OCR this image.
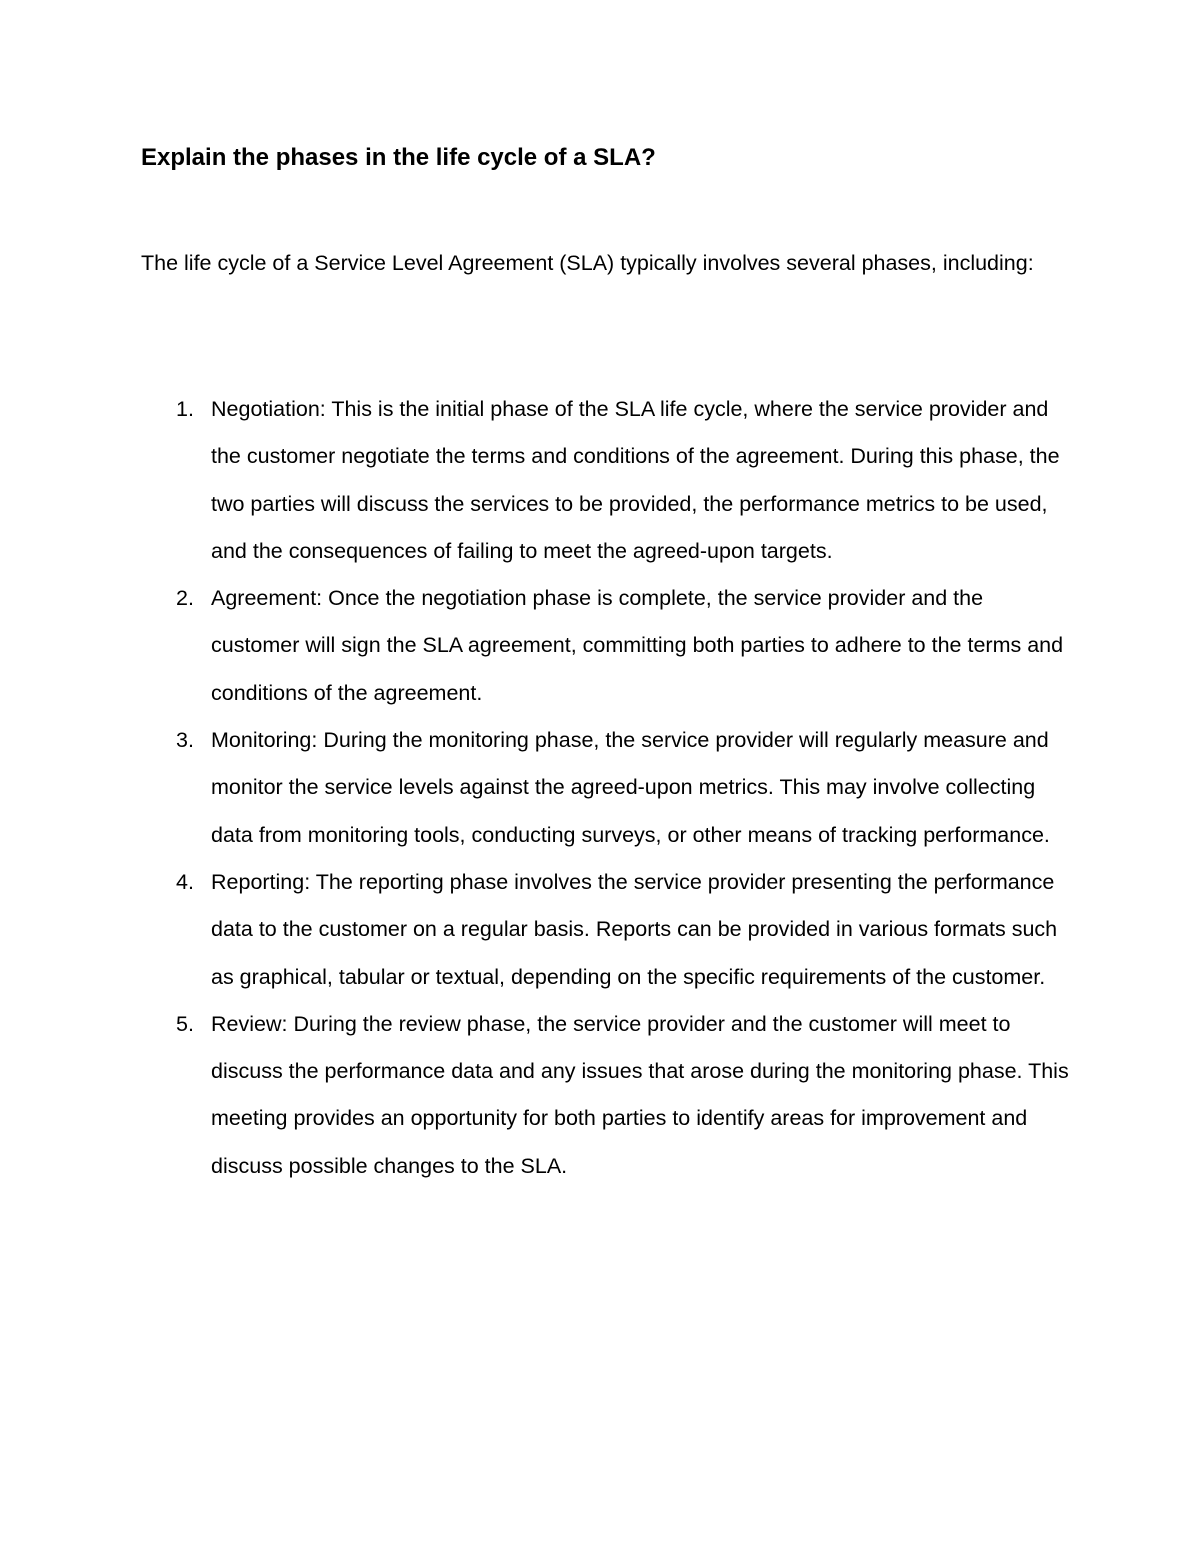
Explain the phases in the life cycle of a SLA?

The life cycle of a Service Level Agreement (SLA) typically involves several phases, including:

1. Negotiation: This is the initial phase of the SLA life cycle, where the service provider and the customer negotiate the terms and conditions of the agreement. During this phase, the two parties will discuss the services to be provided, the performance metrics to be used, and the consequences of failing to meet the agreed-upon targets.
2. Agreement: Once the negotiation phase is complete, the service provider and the customer will sign the SLA agreement, committing both parties to adhere to the terms and conditions of the agreement.
3. Monitoring: During the monitoring phase, the service provider will regularly measure and monitor the service levels against the agreed-upon metrics. This may involve collecting data from monitoring tools, conducting surveys, or other means of tracking performance.
4. Reporting: The reporting phase involves the service provider presenting the performance data to the customer on a regular basis. Reports can be provided in various formats such as graphical, tabular or textual, depending on the specific requirements of the customer.
5. Review: During the review phase, the service provider and the customer will meet to discuss the performance data and any issues that arose during the monitoring phase. This meeting provides an opportunity for both parties to identify areas for improvement and discuss possible changes to the SLA.
